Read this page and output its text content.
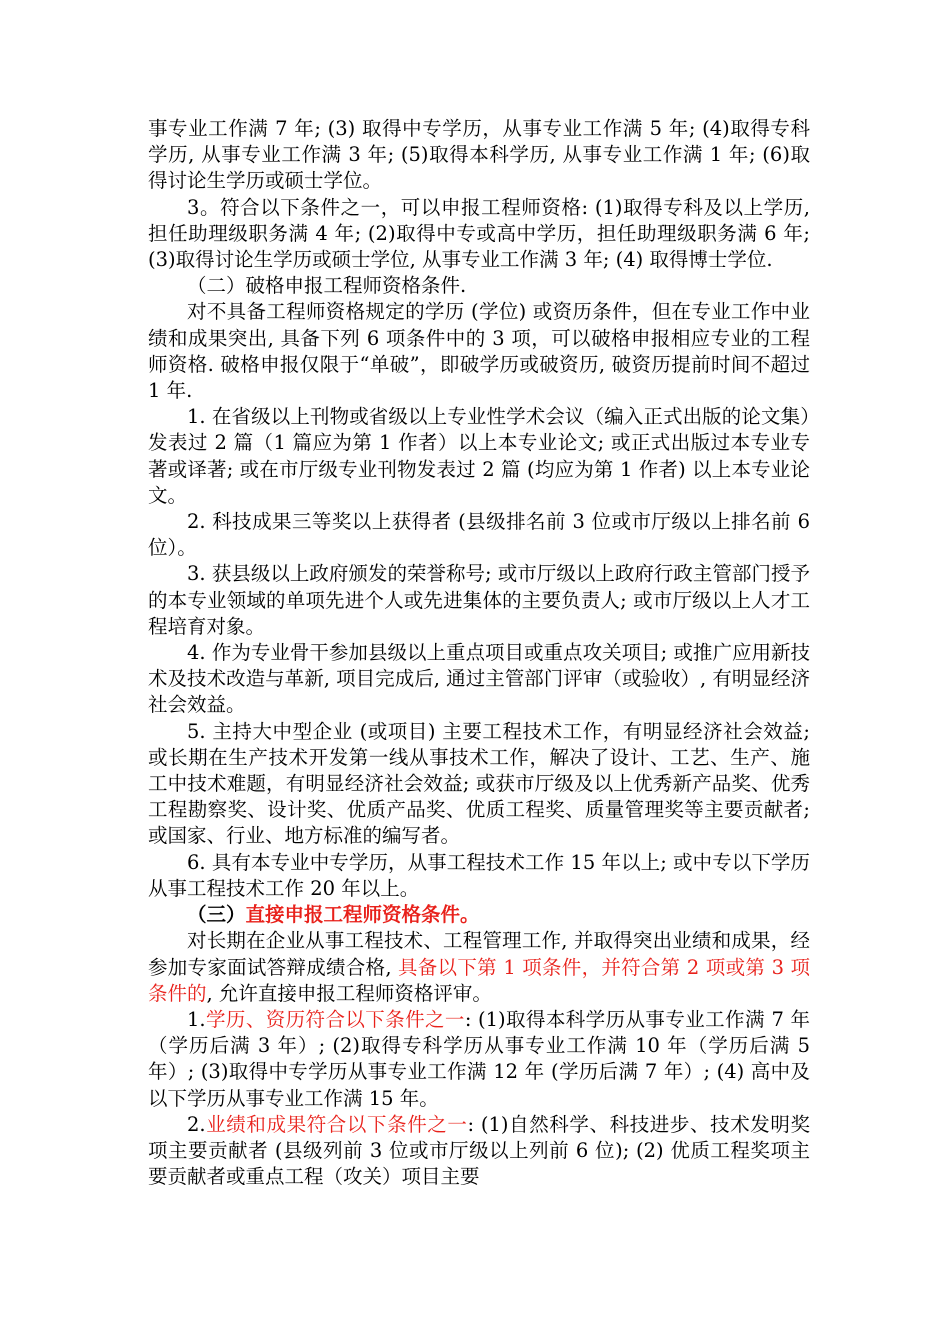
事专业工作满 7 年; (3) 取得中专学历，从事专业工作满 5 年; (4)取得专科学历, 从事专业工作满 3 年; (5)取得本科学历, 从事专业工作满 1 年; (6)取得讨论生学历或硕士学位。

3。符合以下条件之一，可以申报工程师资格: (1)取得专科及以上学历, 担任助理级职务满 4 年; (2)取得中专或高中学历，担任助理级职务满 6 年; (3)取得讨论生学历或硕士学位, 从事专业工作满 3 年; (4) 取得博士学位.

（二）破格申报工程师资格条件.

对不具备工程师资格规定的学历 (学位) 或资历条件，但在专业工作中业绩和成果突出, 具备下列 6 项条件中的 3 项，可以破格申报相应专业的工程师资格. 破格申报仅限于“单破”，即破学历或破资历, 破资历提前时间不超过 1 年.

1. 在省级以上刊物或省级以上专业性学术会议（编入正式出版的论文集）发表过 2 篇（1 篇应为第 1 作者）以上本专业论文; 或正式出版过本专业专著或译著; 或在市厅级专业刊物发表过 2 篇 (均应为第 1 作者) 以上本专业论文。

2. 科技成果三等奖以上获得者 (县级排名前 3 位或市厅级以上排名前 6 位）。

3. 获县级以上政府颁发的荣誉称号; 或市厅级以上政府行政主管部门授予的本专业领域的单项先进个人或先进集体的主要负责人; 或市厅级以上人才工程培育对象。

4. 作为专业骨干参加县级以上重点项目或重点攻关项目; 或推广应用新技术及技术改造与革新, 项目完成后, 通过主管部门评审（或验收）, 有明显经济社会效益。

5. 主持大中型企业 (或项目) 主要工程技术工作，有明显经济社会效益; 或长期在生产技术开发第一线从事技术工作，解决了设计、工艺、生产、施工中技术难题，有明显经济社会效益; 或获市厅级及以上优秀新产品奖、优秀工程勘察奖、设计奖、优质产品奖、优质工程奖、质量管理奖等主要贡献者; 或国家、行业、地方标准的编写者。

6. 具有本专业中专学历，从事工程技术工作 15 年以上; 或中专以下学历从事工程技术工作 20 年以上。

（三）直接申报工程师资格条件。

对长期在企业从事工程技术、工程管理工作, 并取得突出业绩和成果，经参加专家面试答辩成绩合格, 具备以下第 1 项条件，并符合第 2 项或第 3 项条件的, 允许直接申报工程师资格评审。

1.学历、资历符合以下条件之一: (1)取得本科学历从事专业工作满 7 年（学历后满 3 年）; (2)取得专科学历从事专业工作满 10 年（学历后满 5 年）; (3)取得中专学历从事专业工作满 12 年 (学历后满 7 年）; (4) 高中及以下学历从事专业工作满 15 年。

2.业绩和成果符合以下条件之一: (1)自然科学、科技进步、技术发明奖项主要贡献者 (县级列前 3 位或市厅级以上列前 6 位); (2) 优质工程奖项主要贡献者或重点工程（攻关）项目主要
